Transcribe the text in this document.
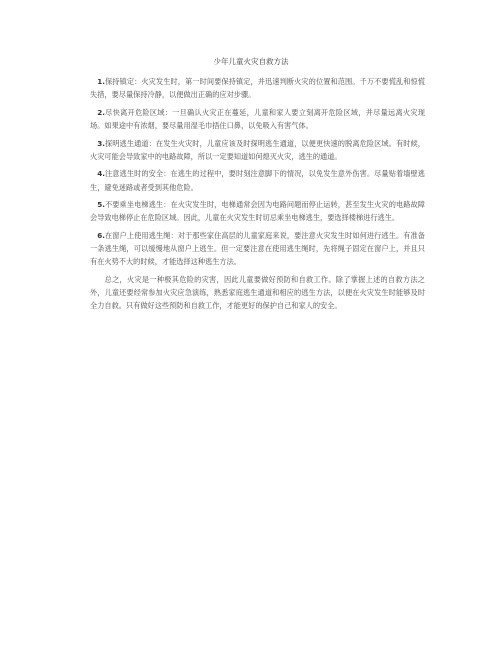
少年儿童火灾自救方法

 1.保持镇定：火灾发生时，第一时间要保持镇定，并迅速判断火灾的位置和范围。千万不要慌乱和惊慌失措，要尽量保持冷静，以便做出正确的应对步骤。

 2.尽快离开危险区域：一旦确认火灾正在蔓延，儿童和家人要立刻离开危险区域，并尽量远离火灾现场。如果途中有浓烟，要尽量用湿毛巾捂住口鼻，以免吸入有害气体。

 3.探明逃生通道：在发生火灾时，儿童应该及时探明逃生通道，以便更快速的脱离危险区域。有时候，火灾可能会导致家中的电路故障，所以一定要知道如何熄灭火灾，逃生的通道。

 4.注意逃生时的安全：在逃生的过程中，要时刻注意脚下的情况，以免发生意外伤害。尽量贴着墙壁逃生，避免迷路或者受到其他危险。

 5.不要乘坐电梯逃生：在火灾发生时，电梯通常会因为电路问题而停止运转，甚至发生火灾的电路故障会导致电梯停止在危险区域。因此，儿童在火灾发生时切忌乘坐电梯逃生，要选择楼梯进行逃生。

 6.在窗户上使用逃生绳：对于那些家住高层的儿童家庭来说，要注意火灾发生时如何进行逃生。有准备一条逃生绳，可以缓慢地从窗户上逃生。但一定要注意在使用逃生绳时，先将绳子固定在窗户上，并且只有在火势不大的时候，才能选择这种逃生方法。

  总之，火灾是一种极其危险的灾害，因此儿童要做好预防和自救工作。除了掌握上述的自救方法之外，儿童还要经常参加火灾应急演练，熟悉家庭逃生通道和相应的逃生方法，以便在火灾发生时能够及时全力自救。只有做好这些预防和自救工作，才能更好的保护自己和家人的安全。
